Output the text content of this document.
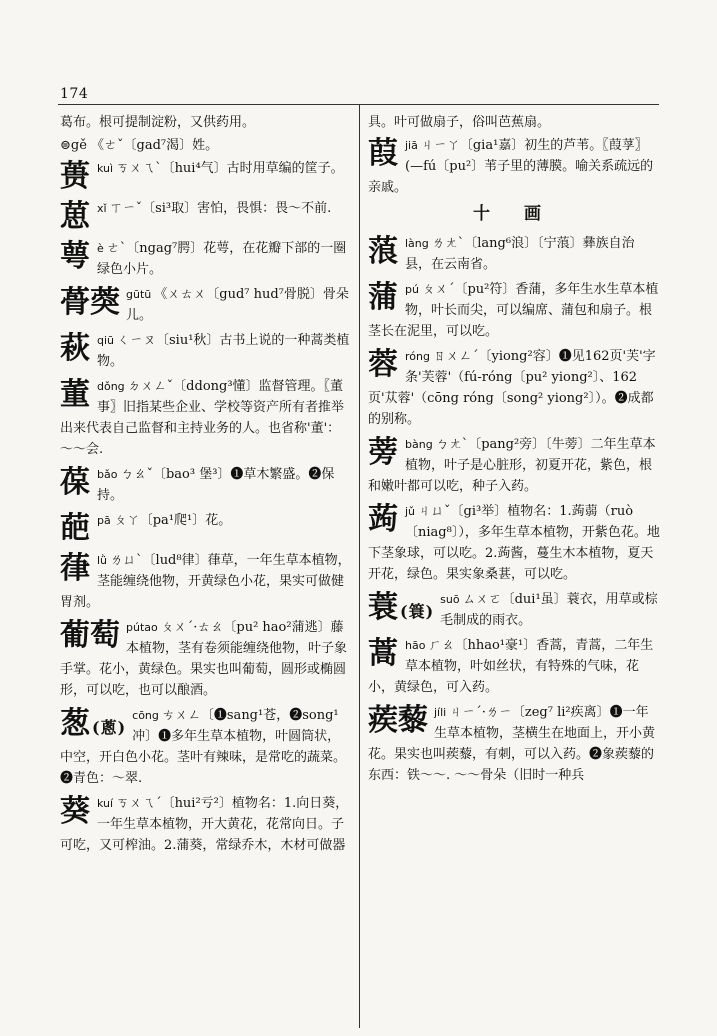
174
葛布。根可提制淀粉，又供药用。
⊜gě 《ㄜˇ〔gad⁷渴〕姓。
蒉 kuì ㄎㄨㄟˋ〔hui⁴气〕古时用草编的筐子。
葸 xǐ ㄒㄧˇ〔si³取〕害怕，畏惧：畏～不前.
萼 è ㄜˋ〔ngag⁷腭〕花萼，在花瓣下部的一圈绿色小片。
蓇葖 gūtū 《ㄨㄊㄨ〔gud⁷ hud⁷骨脱〕骨朵儿。
萩 qiū ㄑㄧㄡ〔siu¹秋〕古书上说的一种蒿类植物。
董 dǒng ㄉㄨㄥˇ〔ddong³懂〕监督管理。〖董事〗旧指某些企业、学校等资产所有者推举出来代表自己监督和主持业务的人。也省称'董'：～～会.
葆 bǎo ㄅㄠˇ〔bao³ 堡³〕❶草木繁盛。❷保持。
葩 pā ㄆㄚ〔pa¹爬¹〕花。
葎 lǜ ㄌㄩˋ〔lud⁸律〕葎草，一年生草本植物，茎能缠绕他物，开黄绿色小花，果实可做健胃剂。
葡萄 pútao ㄆㄨˊ·ㄊㄠ〔pu² hao²蒲逃〕藤本植物，茎有卷须能缠绕他物，叶子象手掌。花小，黄绿色。果实也叫葡萄，圆形或椭圆形，可以吃，也可以酿酒。
葱(蔥)
cōng ㄘㄨㄥ〔❶sang¹苍，❷song¹冲〕❶多年生草本植物，叶圆筒状，中空，开白色小花。茎叶有辣味，是常吃的蔬菜。❷青色：～翠.
葵 kuí ㄎㄨㄟˊ〔hui²亏²〕植物名：1.向日葵，一年生草本植物，开大黄花，花常向日。子可吃，又可榨油。2.蒲葵，常绿乔木，木材可做器
具。叶可做扇子，俗叫芭蕉扇。
葭 jiā ㄐㄧㄚ〔gia¹嘉〕初生的芦苇。〖葭莩〗(—fú〔pu²〕苇子里的薄膜。喻关系疏远的亲戚。
十 画
蒗 làng ㄌㄤˋ〔lang⁶浪〕〔宁蒗〕彝族自治县，在云南省。
蒲 pú ㄆㄨˊ〔pu²符〕香蒲，多年生水生草本植物，叶长而尖，可以编席、蒲包和扇子。根茎长在泥里，可以吃。
蓉 róng ㄖㄨㄥˊ〔yiong²容〕❶见162页'芙'字条'芙蓉'（fú-róng〔pu² yiong²〕、162页'苁蓉'（cōng róng〔song² yiong²〕）。❷成都的别称。
蒡 bàng ㄅㄤˋ〔pang²旁〕〔牛蒡〕二年生草本植物，叶子是心脏形，初夏开花，紫色，根和嫩叶都可以吃，种子入药。
蒟 jǔ ㄐㄩˇ〔gi³举〕植物名：1.蒟蒻（ruò〔niag⁸〕），多年生草本植物，开紫色花。地下茎象球，可以吃。2.蒟酱，蔓生木本植物，夏天开花，绿色。果实象桑葚，可以吃。
蓑(簑)
suō ㄙㄨㄛ〔dui¹虽〕蓑衣，用草或棕毛制成的雨衣。
蒿 hāo ㄏㄠ〔hhao¹豪¹〕香蒿，青蒿，二年生草本植物，叶如丝状，有特殊的气味，花小，黄绿色，可入药。
蒺藜 jíli ㄐㄧˊ·ㄌㄧ〔zeg⁷ li²疾离〕❶一年生草本植物，茎横生在地面上，开小黄花。果实也叫蒺藜，有刺，可以入药。❷象蒺藜的东西：铁～～. ～～骨朵（旧时一种兵
